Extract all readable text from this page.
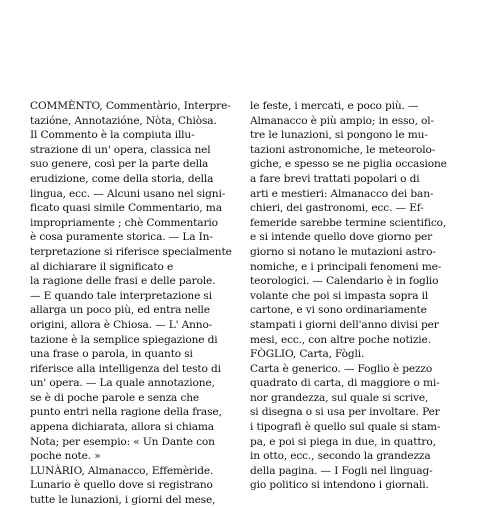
COMMÈNTO, Commentàrio, Interpre-
tazióne, Annotazióne, Nòta, Chiòsa.
Il Commento è la compiuta illu-
strazione di un' opera, classica nel
suo genere, così per la parte della
erudizione, come della storia, della
lingua, ecc. — Alcuni usano nel signi-
ficato quasi simile Commentario, ma
impropriamente ; chè Commentario
è cosa puramente storica. — La In-
terpretazione si riferisce specialmente
al dichiarare il significato e
la ragione delle frasi e delle parole.
— E quando tale interpretazione si
allarga un poco più, ed entra nelle
origini, allora è Chiosa. — L' Anno-
tazione è la semplice spiegazione di
una frase o parola, in quanto si
riferisce alla intelligenza del testo di
un' opera. — La quale annotazione,
se è di poche parole e senza che
punto entri nella ragione della frase,
appena dichiarata, allora si chiama
Nota; per esempio: « Un Dante con
poche note. »
LUNÀRIO, Almanacco, Effemèride.
Lunario è quello dove si registrano
tutte le lunazioni, i giorni del mese,
le feste, i mercati, e poco più. —
Almanacco è più ampio; in esso, ol-
tre le lunazioni, si pongono le mu-
tazioni astronomiche, le meteorolo-
giche, e spesso se ne piglia occasione
a fare brevi trattati popolari o di
arti e mestieri: Almanacco dei ban-
chieri, dei gastronomi, ecc. — Ef-
femeride sarebbe termine scientifico,
e si intende quello dove giorno per
giorno si notano le mutazioni astro-
nomiche, e i principali fenomeni me-
teorologici. — Calendario è in foglio
volante che poi si impasta sopra il
cartone, e vi sono ordinariamente
stampati i giorni dell'anno divisi per
mesi, ecc., con altre poche notizie.
FÒGLIO, Carta, Fògli.
Carta è generico. — Foglio è pezzo
quadrato di carta, di maggiore o mi-
nor grandezza, sul quale si scrive,
si disegna o si usa per involtare. Per
i tipografi è quello sul quale si stam-
pa, e poi si piega in due, in quattro,
in otto, ecc., secondo la grandezza
della pagina. — I Fogli nel linguag-
gio politico si intendono i giornali.
